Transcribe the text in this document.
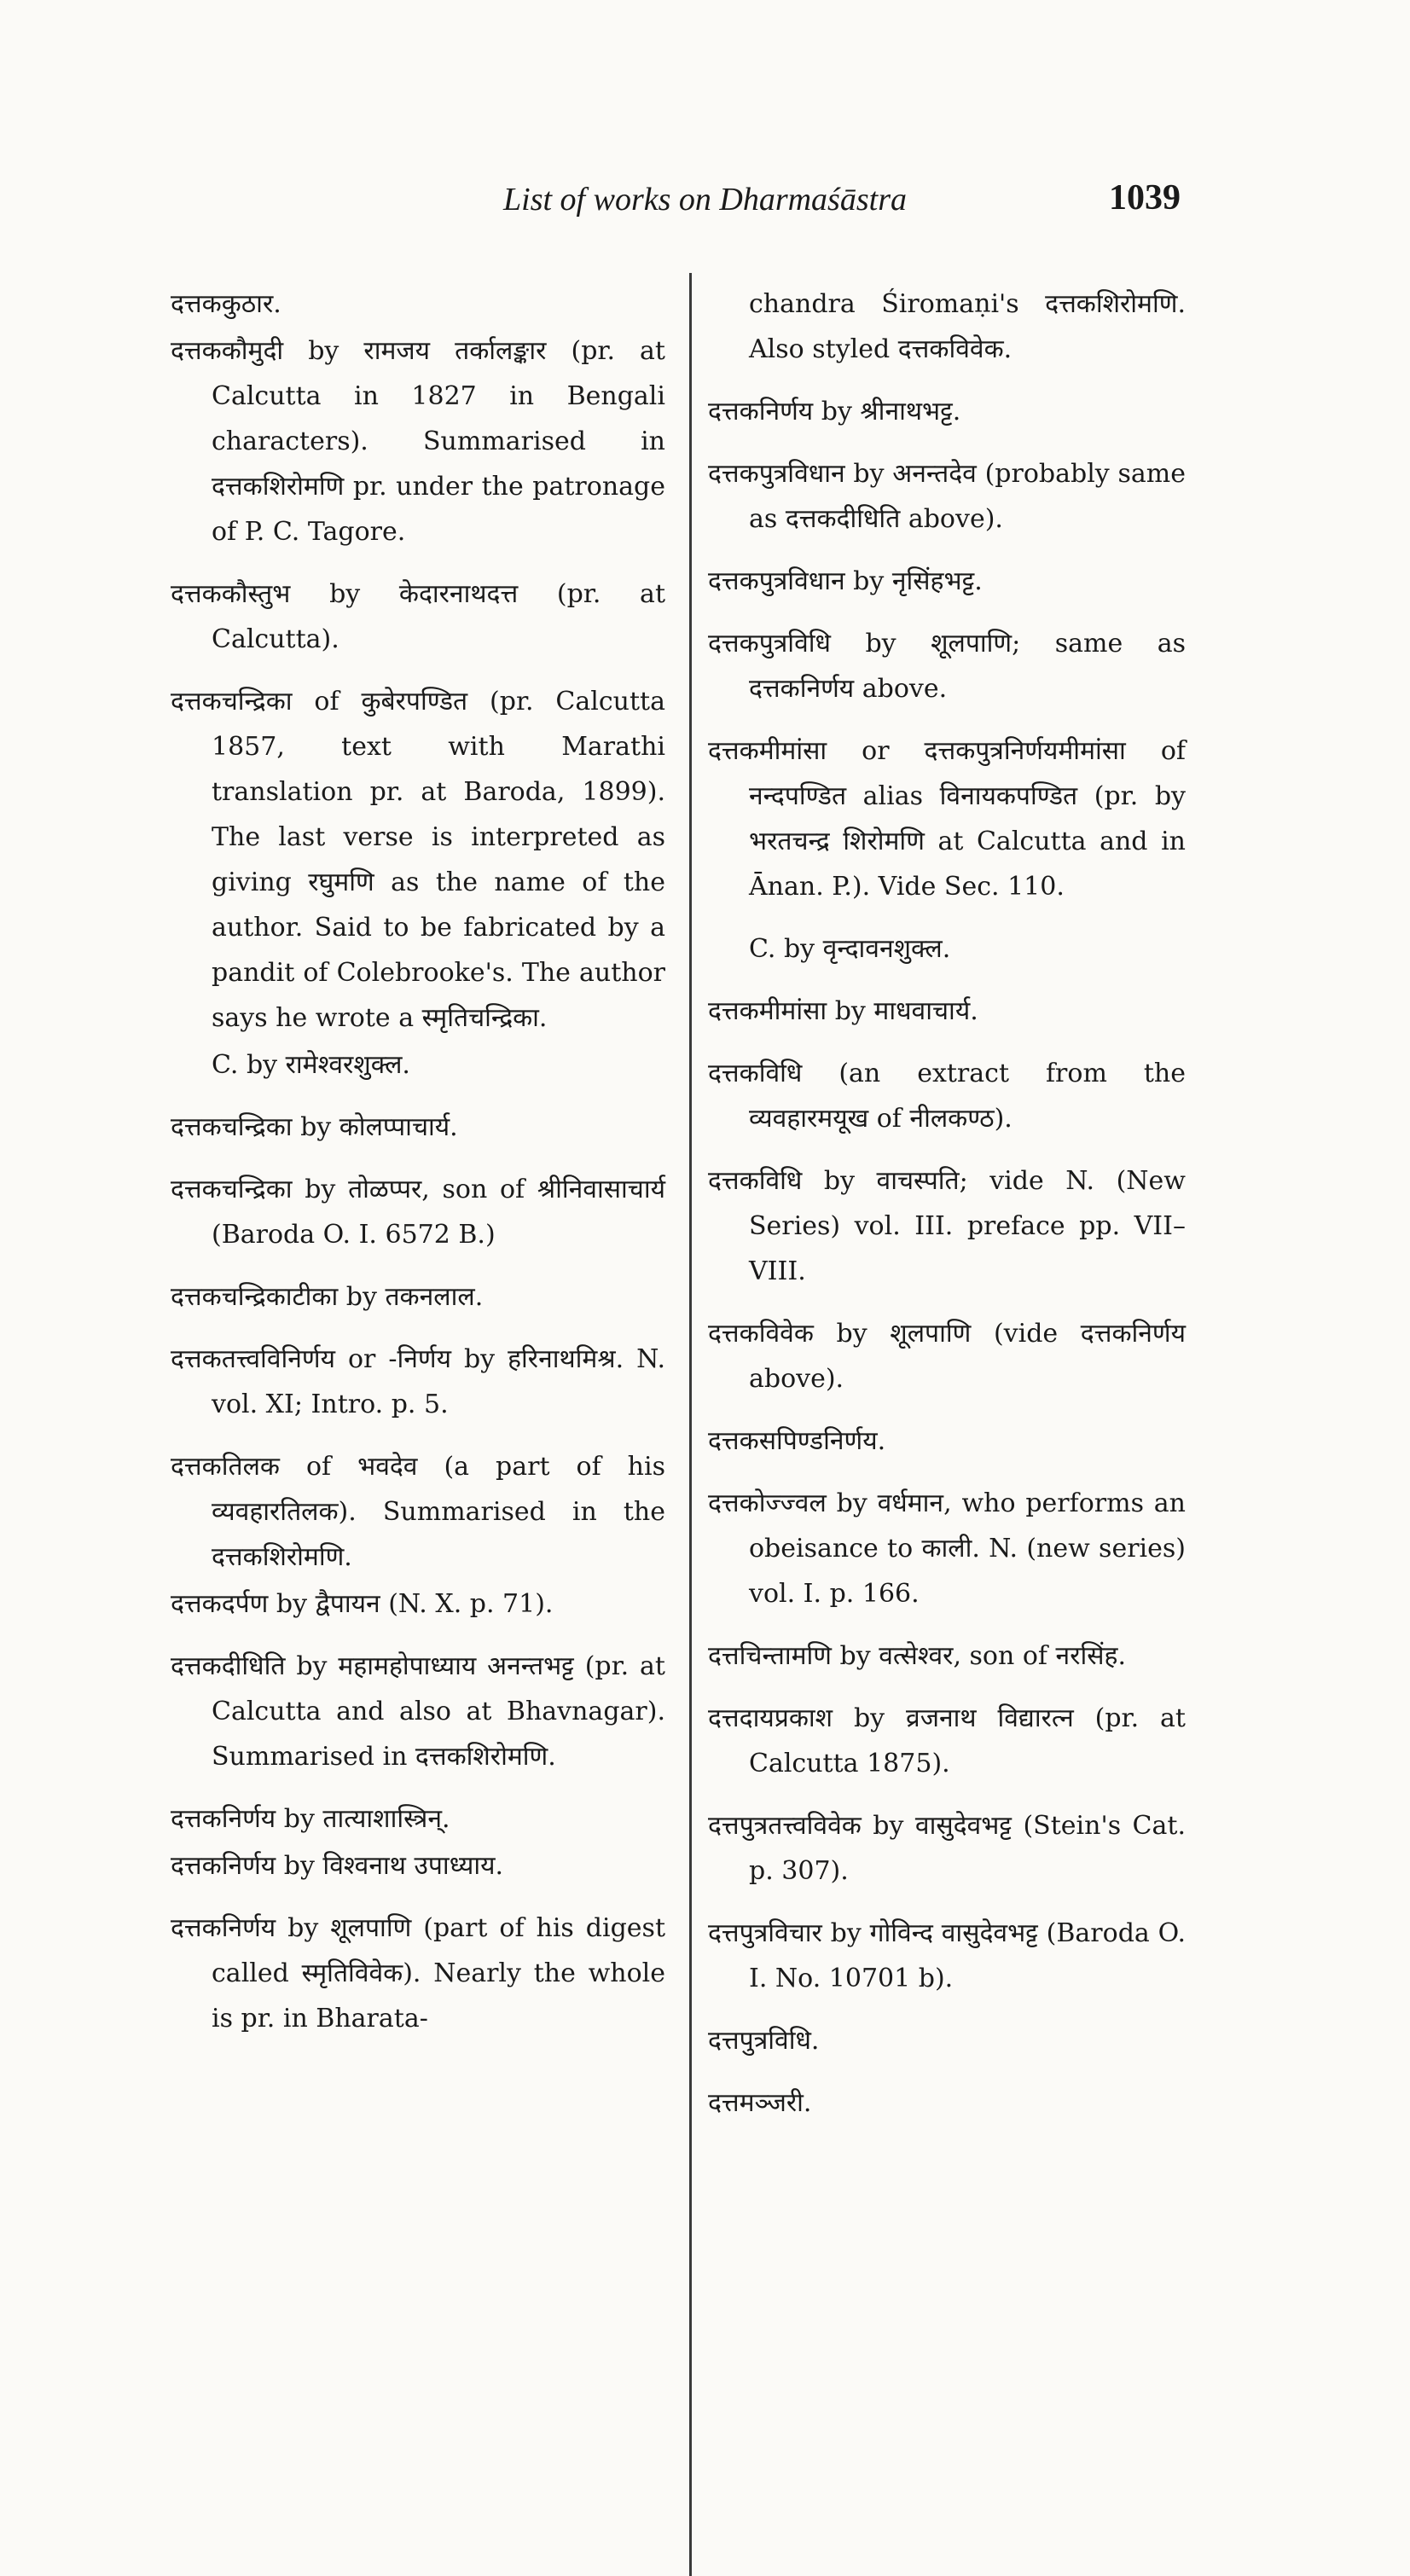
List of works on Dharmaśāstra	1039

दत्तककुठार.

दत्तककौमुदी by रामजय तर्कालङ्कार (pr. at Calcutta in 1827 in Bengali characters). Summarised in दत्तकशिरोमणि pr. under the patronage of P. C. Tagore.

दत्तककौस्तुभ by केदारनाथदत्त (pr. at Calcutta).

दत्तकचन्द्रिका of कुबेरपण्डित (pr. Calcutta 1857, text with Marathi translation pr. at Baroda, 1899). The last verse is interpreted as giving रघुमणि as the name of the author. Said to be fabricated by a pandit of Colebrooke's. The author says he wrote a स्मृतिचन्द्रिका.

C. by रामेश्वरशुक्ल.

दत्तकचन्द्रिका by कोलप्पाचार्य.

दत्तकचन्द्रिका by तोळप्पर, son of श्रीनिवासाचार्य (Baroda O. I. 6572 B.)

दत्तकचन्द्रिकाटीका by तकनलाल.

दत्तकतत्त्वविनिर्णय or -निर्णय by हरिनाथमिश्र. N. vol. XI; Intro. p. 5.

दत्तकतिलक of भवदेव (a part of his व्यवहारतिलक). Summarised in the दत्तकशिरोमणि.

दत्तकदर्पण by द्वैपायन (N. X. p. 71).

दत्तकदीधिति by महामहोपाध्याय अनन्तभट्ट (pr. at Calcutta and also at Bhavnagar). Summarised in दत्तकशिरोमणि.

दत्तकनिर्णय by तात्याशास्त्रिन्.

दत्तकनिर्णय by विश्वनाथ उपाध्याय.

दत्तकनिर्णय by शूलपाणि (part of his digest called स्मृतिविवेक). Nearly the whole is pr. in Bharata-

chandra Śiromaṇi's दत्तकशिरोमणि. Also styled दत्तकविवेक.

दत्तकनिर्णय by श्रीनाथभट्ट.

दत्तकपुत्रविधान by अनन्तदेव (probably same as दत्तकदीधिति above).

दत्तकपुत्रविधान by नृसिंहभट्ट.

दत्तकपुत्रविधि by शूलपाणि; same as दत्तकनिर्णय above.

दत्तकमीमांसा or दत्तकपुत्रनिर्णयमीमांसा of नन्दपण्डित alias विनायकपण्डित (pr. by भरतचन्द्र शिरोमणि at Calcutta and in Ānan. P.). Vide Sec. 110.

C. by वृन्दावनशुक्ल.

दत्तकमीमांसा by माधवाचार्य.

दत्तकविधि (an extract from the व्यवहारमयूख of नीलकण्ठ).

दत्तकविधि by वाचस्पति; vide N. (New Series) vol. III. preface pp. VII–VIII.

दत्तकविवेक by शूलपाणि (vide दत्तकनिर्णय above).

दत्तकसपिण्डनिर्णय.

दत्तकोज्ज्वल by वर्धमान, who performs an obeisance to काली. N. (new series) vol. I. p. 166.

दत्तचिन्तामणि by वत्सेश्वर, son of नरसिंह.

दत्तदायप्रकाश by व्रजनाथ विद्यारत्न (pr. at Calcutta 1875).

दत्तपुत्रतत्त्वविवेक by वासुदेवभट्ट (Stein's Cat. p. 307).

दत्तपुत्रविचार by गोविन्द वासुदेवभट्ट (Baroda O. I. No. 10701 b).

दत्तपुत्रविधि.

दत्तमञ्जरी.
